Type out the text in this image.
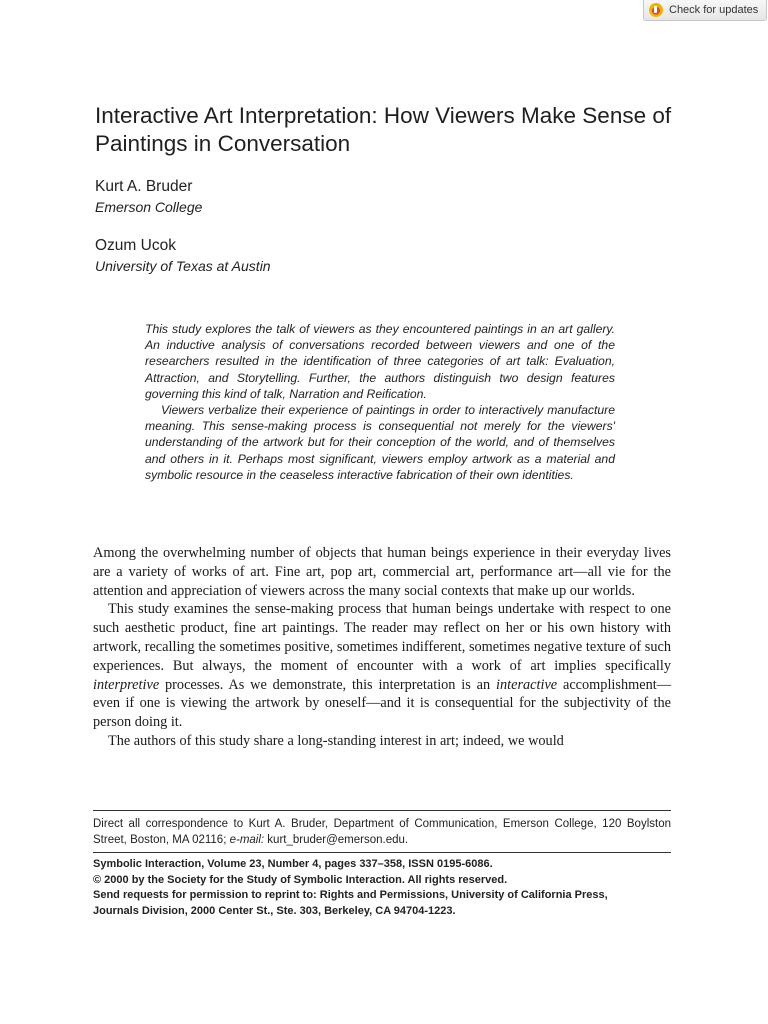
Check for updates
Interactive Art Interpretation: How Viewers Make Sense of Paintings in Conversation
Kurt A. Bruder
Emerson College
Ozum Ucok
University of Texas at Austin

This study explores the talk of viewers as they encountered paintings in an art gallery. An inductive analysis of conversations recorded between viewers and one of the researchers resulted in the identification of three categories of art talk: Evaluation, Attraction, and Storytelling. Further, the authors distinguish two design features governing this kind of talk, Narration and Reification.

Viewers verbalize their experience of paintings in order to interactively manufacture meaning. This sense-making process is consequential not merely for the viewers' understanding of the artwork but for their conception of the world, and of themselves and others in it. Perhaps most significant, viewers employ artwork as a material and symbolic resource in the ceaseless interactive fabrication of their own identities.

Among the overwhelming number of objects that human beings experience in their everyday lives are a variety of works of art. Fine art, pop art, commercial art, performance art—all vie for the attention and appreciation of viewers across the many social contexts that make up our worlds.

This study examines the sense-making process that human beings undertake with respect to one such aesthetic product, fine art paintings. The reader may reflect on her or his own history with artwork, recalling the sometimes positive, sometimes indifferent, sometimes negative texture of such experiences. But always, the moment of encounter with a work of art implies specifically interpretive processes. As we demonstrate, this interpretation is an interactive accomplishment—even if one is viewing the artwork by oneself—and it is consequential for the subjectivity of the person doing it.

The authors of this study share a long-standing interest in art; indeed, we would

Direct all correspondence to Kurt A. Bruder, Department of Communication, Emerson College, 120 Boylston Street, Boston, MA 02116; e-mail: kurt_bruder@emerson.edu.

Symbolic Interaction, Volume 23, Number 4, pages 337–358, ISSN 0195-6086.
© 2000 by the Society for the Study of Symbolic Interaction. All rights reserved.
Send requests for permission to reprint to: Rights and Permissions, University of California Press,
Journals Division, 2000 Center St., Ste. 303, Berkeley, CA 94704-1223.
